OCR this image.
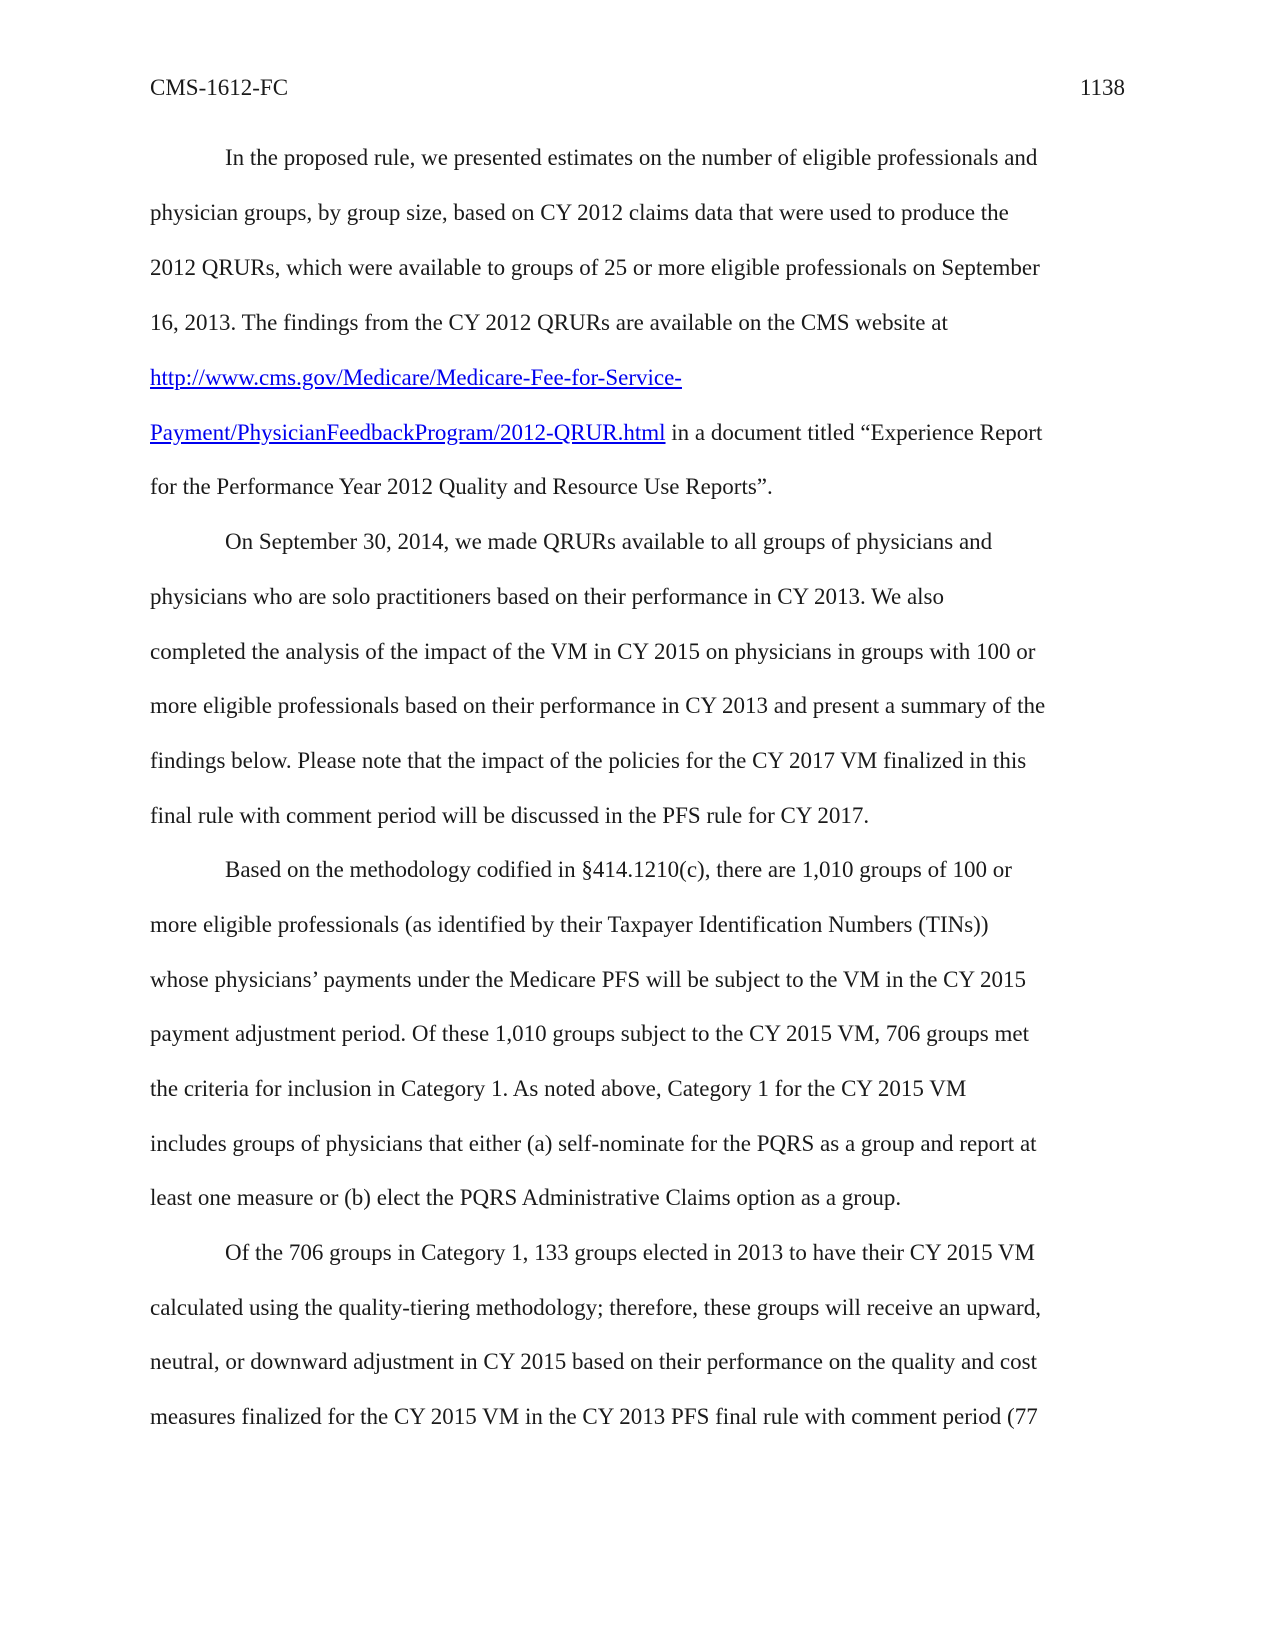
CMS-1612-FC	1138
In the proposed rule, we presented estimates on the number of eligible professionals and
physician groups, by group size, based on CY 2012 claims data that were used to produce the
2012 QRURs, which were available to groups of 25 or more eligible professionals on September
16, 2013. The findings from the CY 2012 QRURs are available on the CMS website at
http://www.cms.gov/Medicare/Medicare-Fee-for-Service-
Payment/PhysicianFeedbackProgram/2012-QRUR.html in a document titled “Experience Report
for the Performance Year 2012 Quality and Resource Use Reports”.
On September 30, 2014, we made QRURs available to all groups of physicians and
physicians who are solo practitioners based on their performance in CY 2013. We also
completed the analysis of the impact of the VM in CY 2015 on physicians in groups with 100 or
more eligible professionals based on their performance in CY 2013 and present a summary of the
findings below. Please note that the impact of the policies for the CY 2017 VM finalized in this
final rule with comment period will be discussed in the PFS rule for CY 2017.
Based on the methodology codified in §414.1210(c), there are 1,010 groups of 100 or
more eligible professionals (as identified by their Taxpayer Identification Numbers (TINs))
whose physicians’ payments under the Medicare PFS will be subject to the VM in the CY 2015
payment adjustment period. Of these 1,010 groups subject to the CY 2015 VM, 706 groups met
the criteria for inclusion in Category 1. As noted above, Category 1 for the CY 2015 VM
includes groups of physicians that either (a) self-nominate for the PQRS as a group and report at
least one measure or (b) elect the PQRS Administrative Claims option as a group.
Of the 706 groups in Category 1, 133 groups elected in 2013 to have their CY 2015 VM
calculated using the quality-tiering methodology; therefore, these groups will receive an upward,
neutral, or downward adjustment in CY 2015 based on their performance on the quality and cost
measures finalized for the CY 2015 VM in the CY 2013 PFS final rule with comment period (77
